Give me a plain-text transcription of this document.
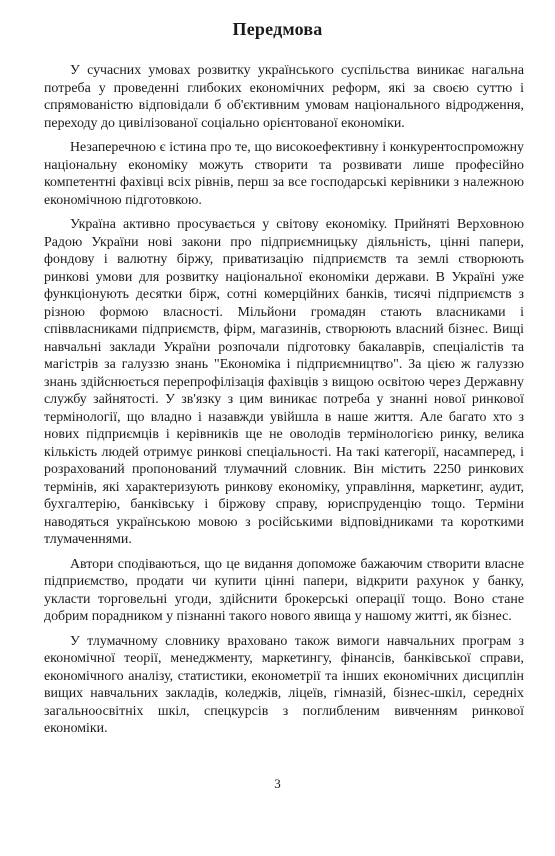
Передмова

У сучасних умовах розвитку українського суспільства виникає нагальна потреба у проведенні глибоких економічних реформ, які за своєю суттю і спрямованістю відповідали б об'єктивним умовам національного відродження, переходу до цивілізованої соціально орієнтованої економіки.

Незаперечною є істина про те, що високоефективну і конкурентоспроможну національну економіку можуть створити та розвивати лише професійно компетентні фахівці всіх рівнів, перш за все господарські керівники з належною економічною підготовкою.

Україна активно просувається у світову економіку. Прийняті Верховною Радою України нові закони про підприємницьку діяльність, цінні папери, фондову і валютну біржу, приватизацію підприємств та землі створюють ринкові умови для розвитку національної економіки держави. В Україні уже функціонують десятки бірж, сотні комерційних банків, тисячі підприємств з різною формою власності. Мільйони громадян стають власниками і співвласниками підприємств, фірм, магазинів, створюють власний бізнес. Вищі навчальні заклади України розпочали підготовку бакалаврів, спеціалістів та магістрів за галуззю знань "Економіка і підприємництво". За цією ж галуззю знань здійснюється перепрофілізація фахівців з вищою освітою через Державну службу зайнятості. У зв'язку з цим виникає потреба у знанні нової ринкової термінології, що владно і назавжди увійшла в наше життя. Але багато хто з нових підприємців і керівників ще не оволодів термінологією ринку, велика кількість людей отримує ринкові спеціальності. На такі категорії, насамперед, і розрахований пропонований тлумачний словник. Він містить 2250 ринкових термінів, які характеризують ринкову економіку, управління, маркетинг, аудит, бухгалтерію, банківську і біржову справу, юриспруденцію тощо. Терміни наводяться українською мовою з російськими відповідниками та короткими тлумаченнями.

Автори сподіваються, що це видання допоможе бажаючим створити власне підприємство, продати чи купити цінні папери, відкрити рахунок у банку, укласти торговельні угоди, здійснити брокерські операції тощо. Воно стане добрим порадником у пізнанні такого нового явища у нашому житті, як бізнес.

У тлумачному словнику враховано також вимоги навчальних програм з економічної теорії, менеджменту, маркетингу, фінансів, банківської справи, економічного аналізу, статистики, економетрії та інших економічних дисциплін вищих навчальних закладів, коледжів, ліцеїв, гімназій, бізнес-шкіл, середніх загальноосвітніх шкіл, спецкурсів з поглибленим вивченням ринкової економіки.

3
